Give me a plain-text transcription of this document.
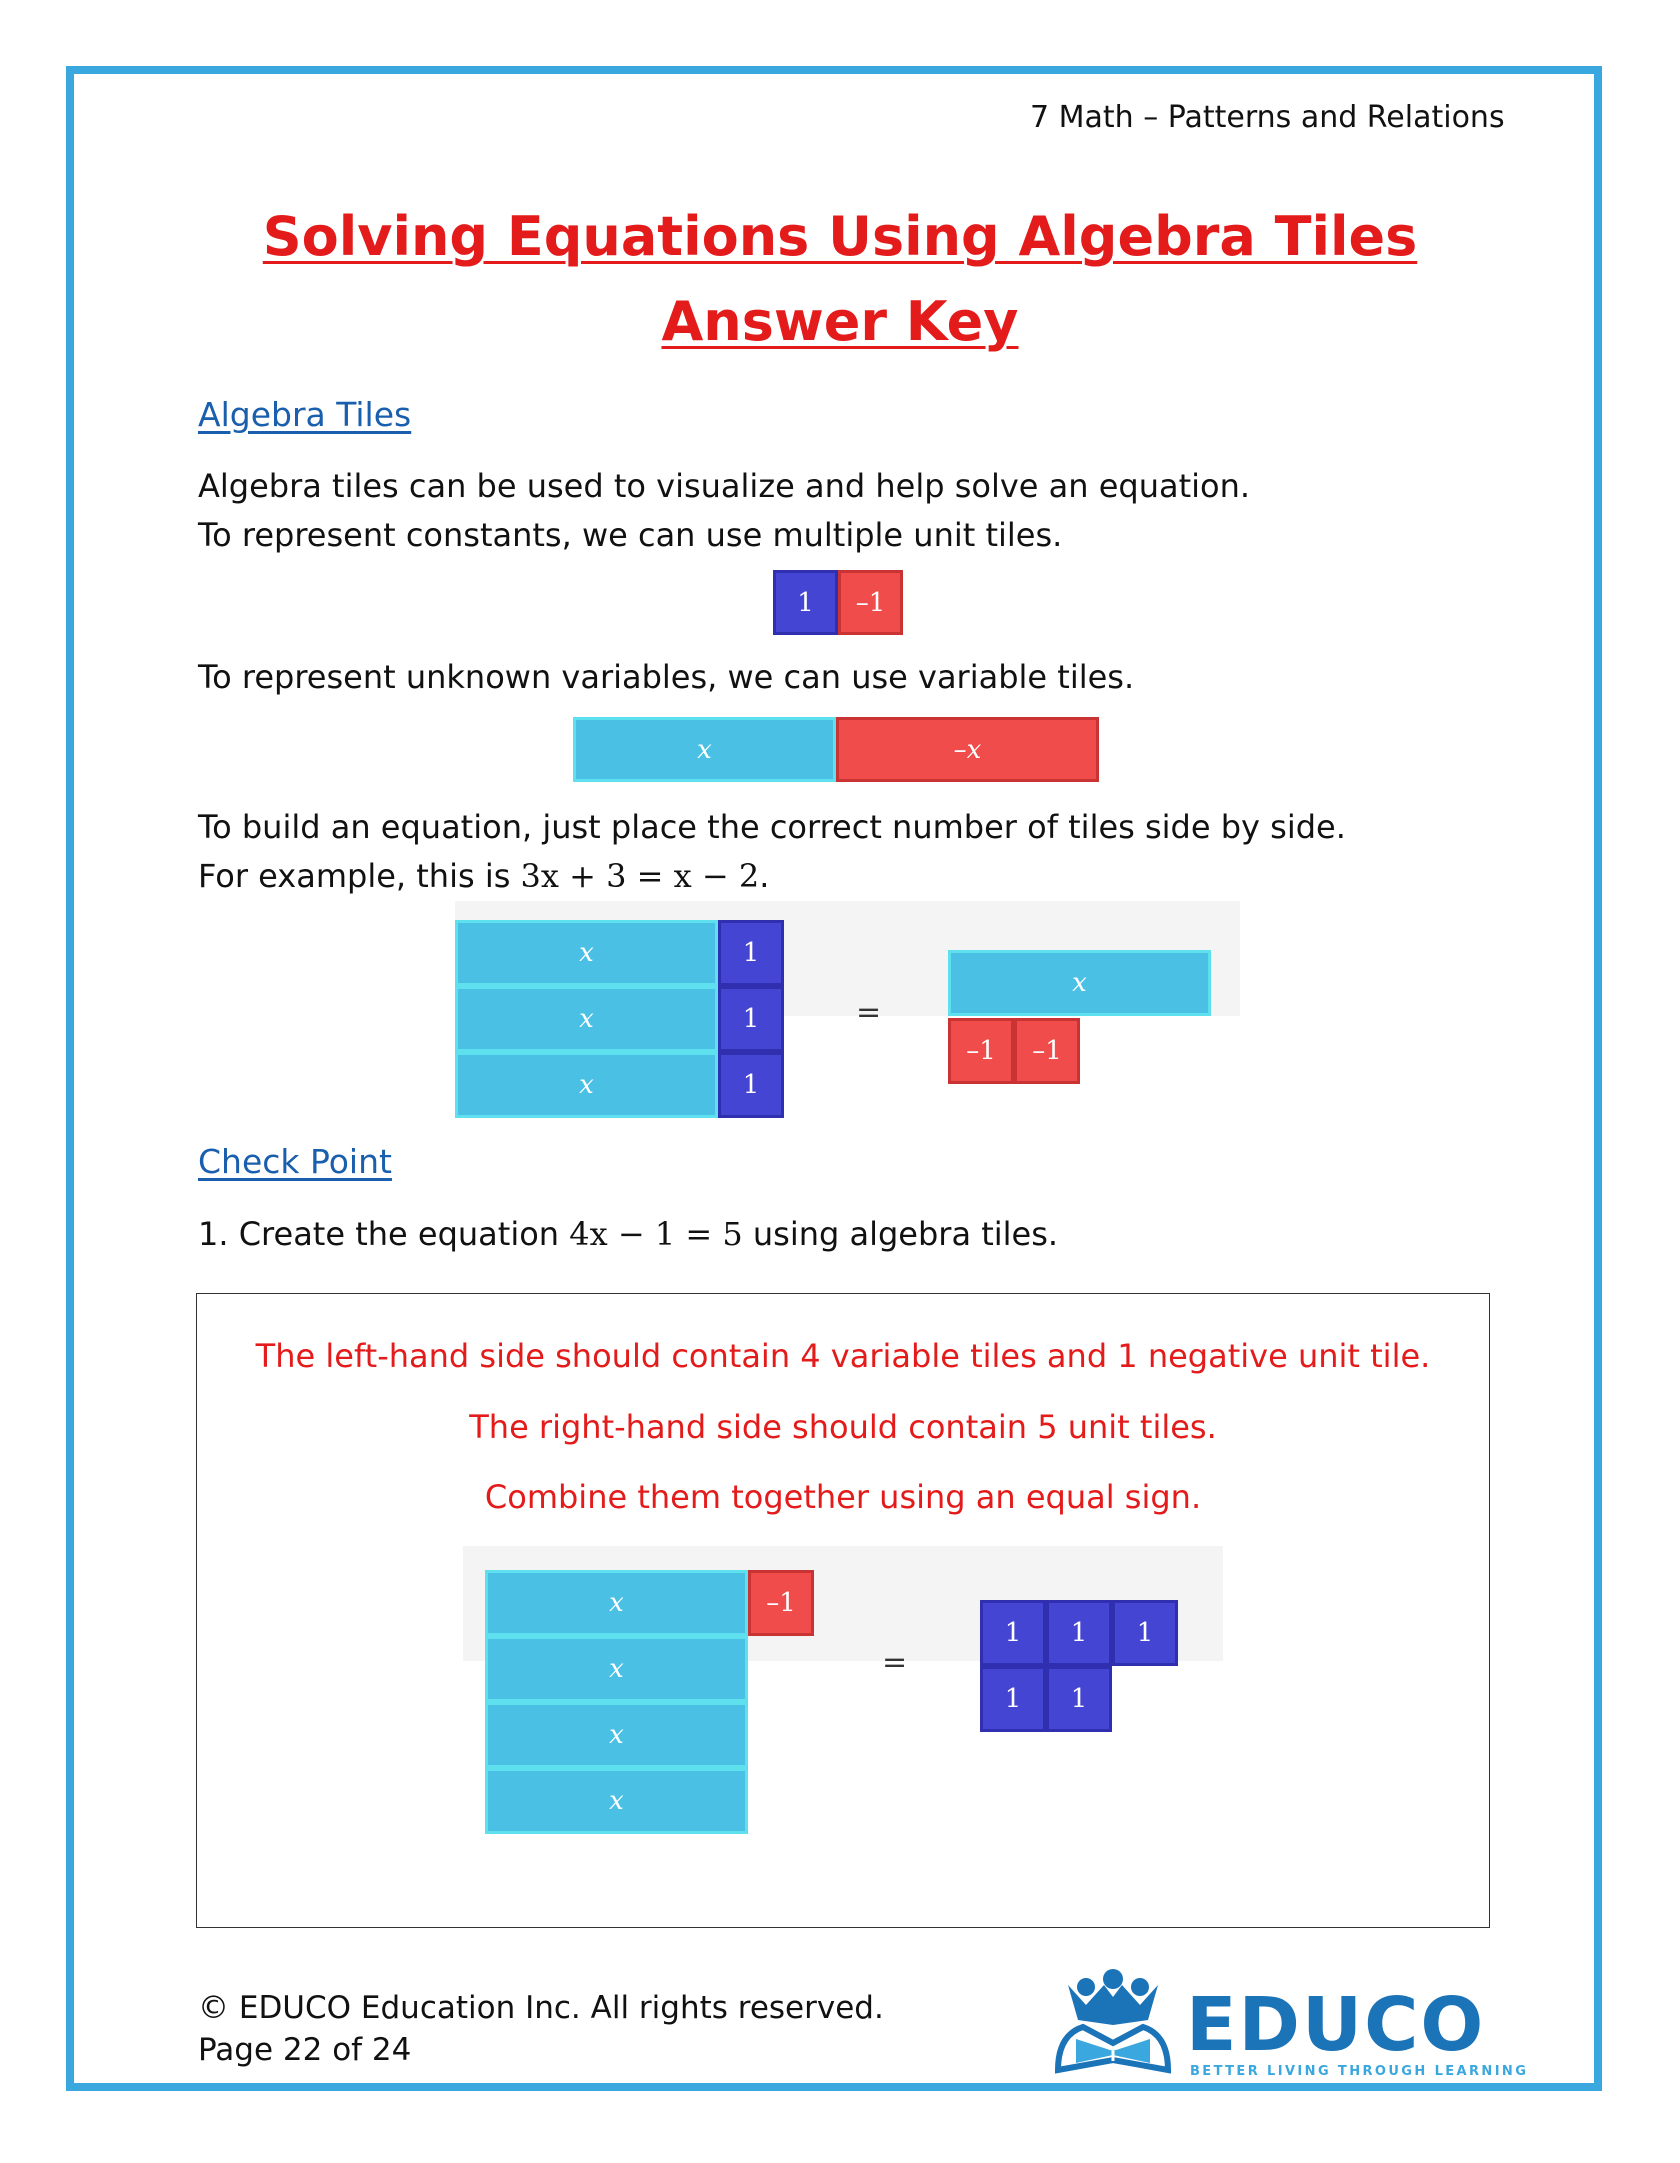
7 Math – Patterns and Relations
Solving Equations Using Algebra Tiles
Answer Key
Algebra Tiles
Algebra tiles can be used to visualize and help solve an equation.
To represent constants, we can use multiple unit tiles.
1	–1
To represent unknown variables, we can use variable tiles.
x	–x
To build an equation, just place the correct number of tiles side by side.
For example, this is 3x + 3 = x − 2.
x
x
x
1
1
1
=
x
–1	–1
Check Point
1. Create the equation 4x − 1 = 5 using algebra tiles.
The left-hand side should contain 4 variable tiles and 1 negative unit tile.
The right-hand side should contain 5 unit tiles.
Combine them together using an equal sign.
x
x
x
x
–1
=
1	1	1
1	1
© EDUCO Education Inc. All rights reserved.
Page 22 of 24	EDUCO
BETTER LIVING THROUGH LEARNING
